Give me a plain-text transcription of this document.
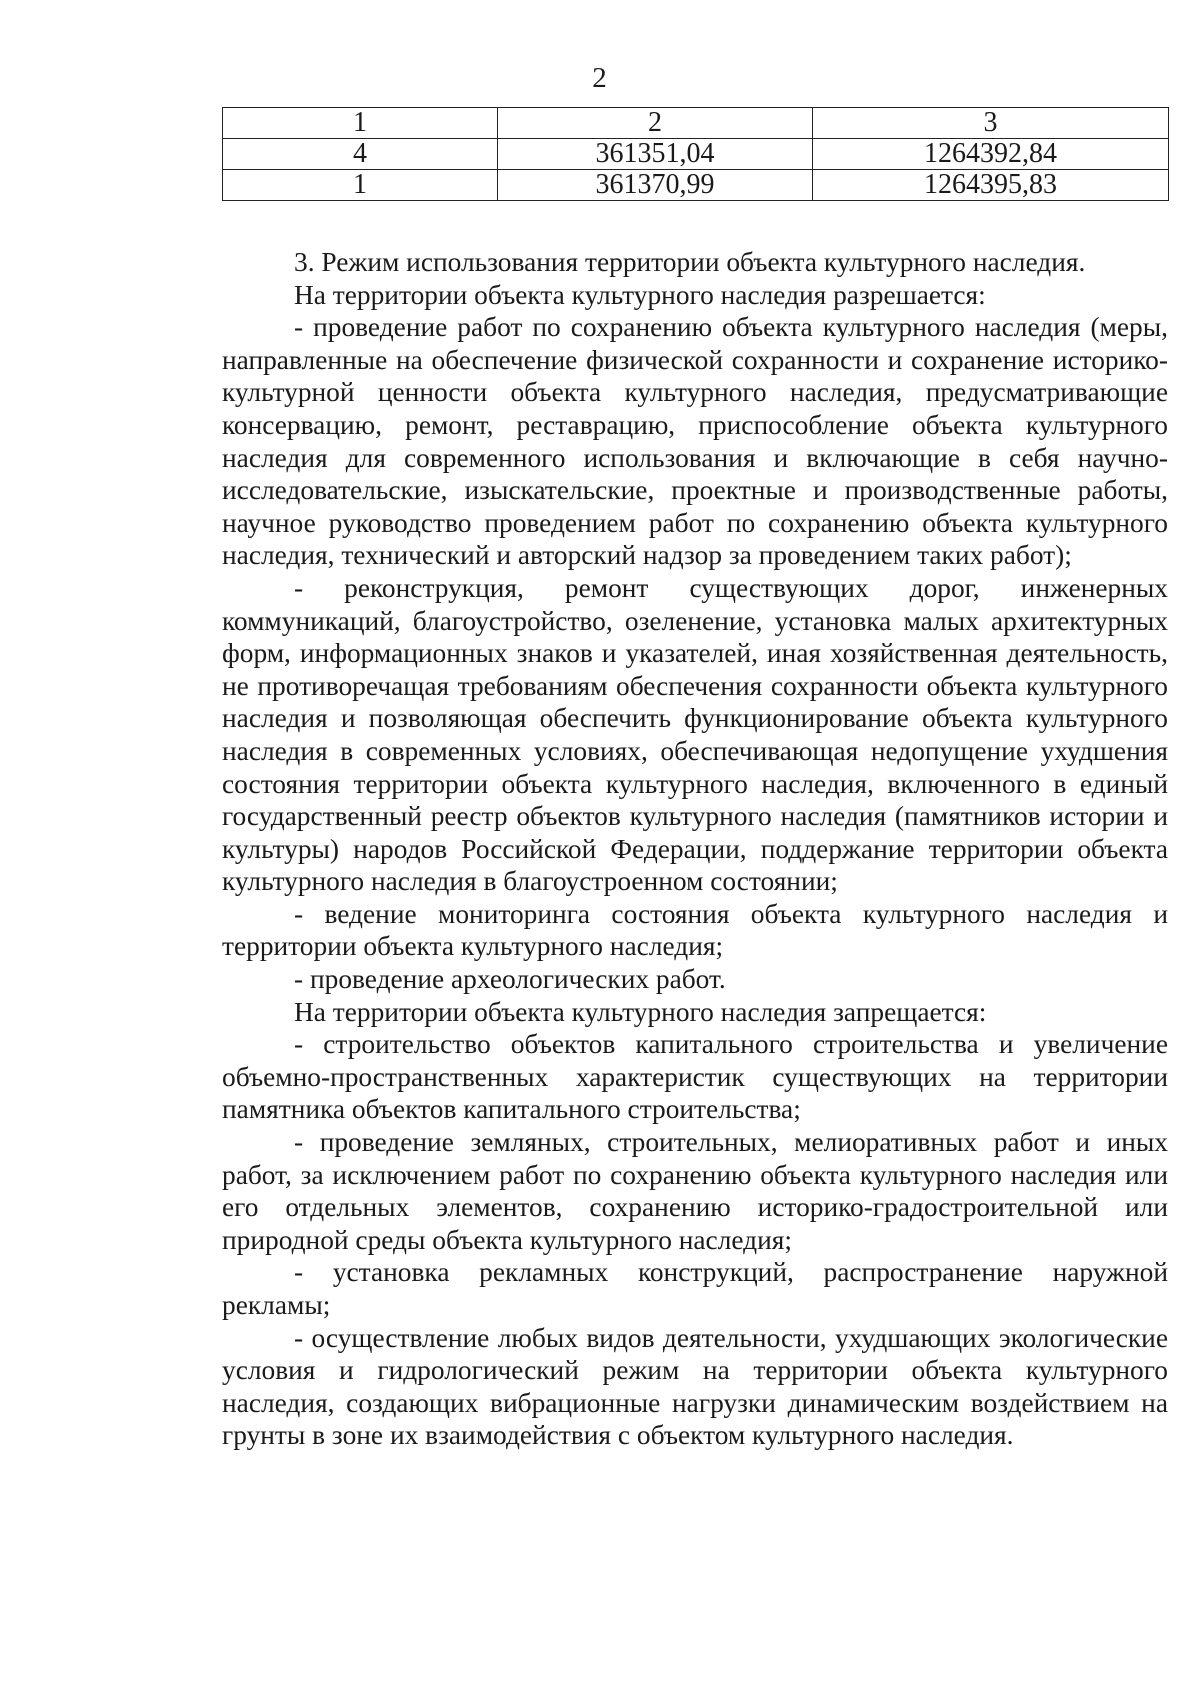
2
1	2	3
4	361351,04	1264392,84
1	361370,99	1264395,83

3. Режим использования территории объекта культурного наследия.

На территории объекта культурного наследия разрешается:

- проведение работ по сохранению объекта культурного наследия (меры, направленные на обеспечение физической сохранности и сохранение историко-культурной ценности объекта культурного наследия, предусматривающие консервацию, ремонт, реставрацию, приспособление объекта культурного наследия для современного использования и включающие в себя научно-исследовательские, изыскательские, проектные и производственные работы, научное руководство проведением работ по сохранению объекта культурного наследия, технический и авторский надзор за проведением таких работ);

- реконструкция, ремонт существующих дорог, инженерных коммуникаций, благоустройство, озеленение, установка малых архитектурных форм, информационных знаков и указателей, иная хозяйственная деятельность, не противоречащая требованиям обеспечения сохранности объекта культурного наследия и позволяющая обеспечить функционирование объекта культурного наследия в современных условиях, обеспечивающая недопущение ухудшения состояния территории объекта культурного наследия, включенного в единый государственный реестр объектов культурного наследия (памятников истории и культуры) народов Российской Федерации, поддержание территории объекта культурного наследия в благоустроенном состоянии;

- ведение мониторинга состояния объекта культурного наследия и территории объекта культурного наследия;

- проведение археологических работ.

На территории объекта культурного наследия запрещается:

- строительство объектов капитального строительства и увеличение объемно-пространственных характеристик существующих на территории памятника объектов капитального строительства;

- проведение земляных, строительных, мелиоративных работ и иных работ, за исключением работ по сохранению объекта культурного наследия или его отдельных элементов, сохранению историко-градостроительной или природной среды объекта культурного наследия;

- установка рекламных конструкций, распространение наружной рекламы;

- осуществление любых видов деятельности, ухудшающих экологические условия и гидрологический режим на территории объекта культурного наследия, создающих вибрационные нагрузки динамическим воздействием на грунты в зоне их взаимодействия с объектом культурного наследия.
